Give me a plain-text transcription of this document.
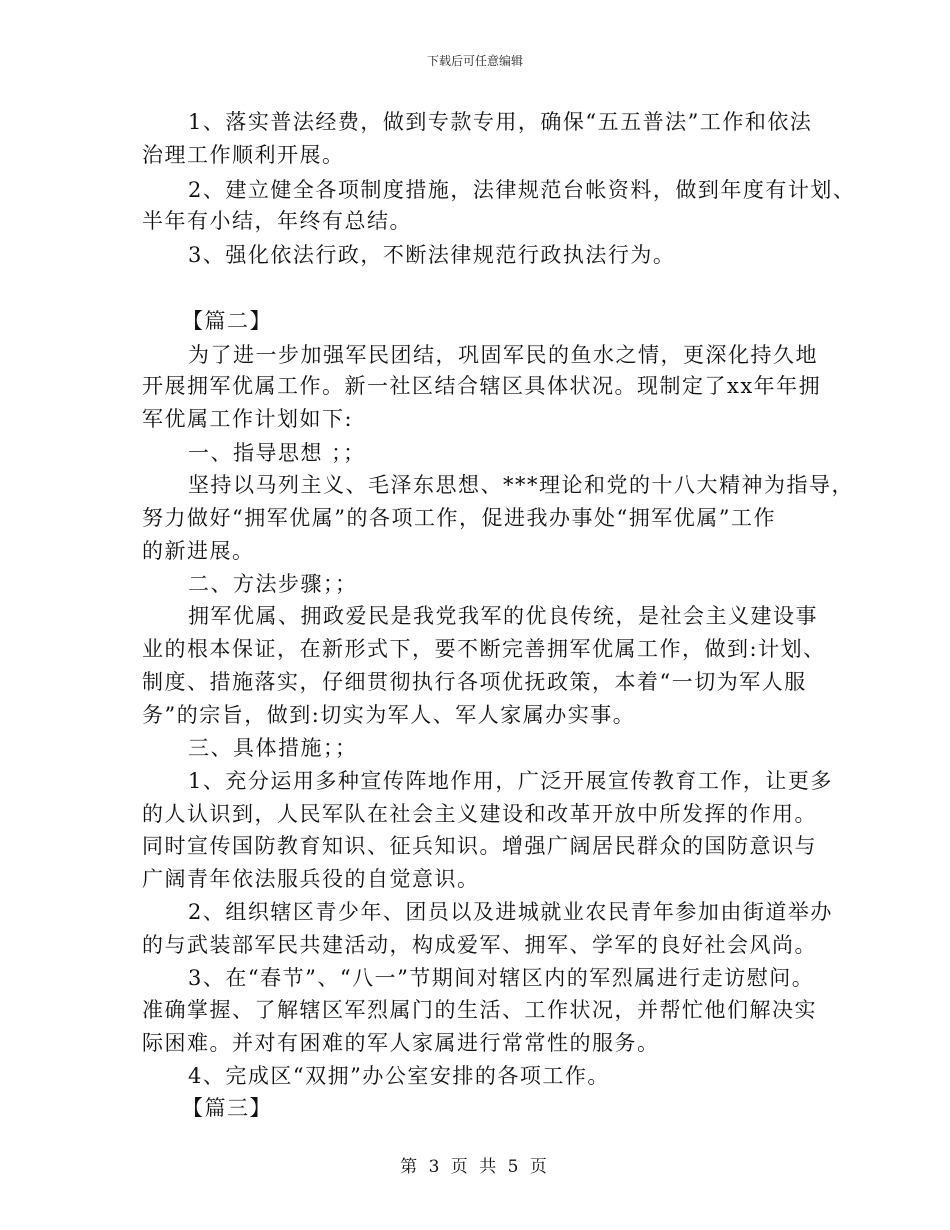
下载后可任意编辑
1、落实普法经费，做到专款专用，确保“五五普法”工作和依法
治理工作顺利开展。
2、建立健全各项制度措施，法律规范台帐资料，做到年度有计划、
半年有小结，年终有总结。
3、强化依法行政，不断法律规范行政执法行为。
【篇二】
为了进一步加强军民团结，巩固军民的鱼水之情，更深化持久地
开展拥军优属工作。新一社区结合辖区具体状况。现制定了xx年年拥
军优属工作计划如下:
一、指导思想 ；；
坚持以马列主义、毛泽东思想、***理论和党的十八大精神为指导，
努力做好“拥军优属”的各项工作，促进我办事处“拥军优属”工作
的新进展。
二、方法步骤；；
拥军优属、拥政爱民是我党我军的优良传统，是社会主义建设事
业的根本保证，在新形式下，要不断完善拥军优属工作，做到:计划、
制度、措施落实，仔细贯彻执行各项优抚政策，本着“一切为军人服
务”的宗旨，做到:切实为军人、军人家属办实事。
三、具体措施；；
1、充分运用多种宣传阵地作用，广泛开展宣传教育工作，让更多
的人认识到，人民军队在社会主义建设和改革开放中所发挥的作用。
同时宣传国防教育知识、征兵知识。增强广阔居民群众的国防意识与
广阔青年依法服兵役的自觉意识。
2、组织辖区青少年、团员以及进城就业农民青年参加由街道举办
的与武装部军民共建活动，构成爱军、拥军、学军的良好社会风尚。
3、在“春节”、“八一”节期间对辖区内的军烈属进行走访慰问。
准确掌握、了解辖区军烈属门的生活、工作状况，并帮忙他们解决实
际困难。并对有困难的军人家属进行常常性的服务。
4、完成区“双拥”办公室安排的各项工作。
【篇三】
第 3 页 共 5 页
